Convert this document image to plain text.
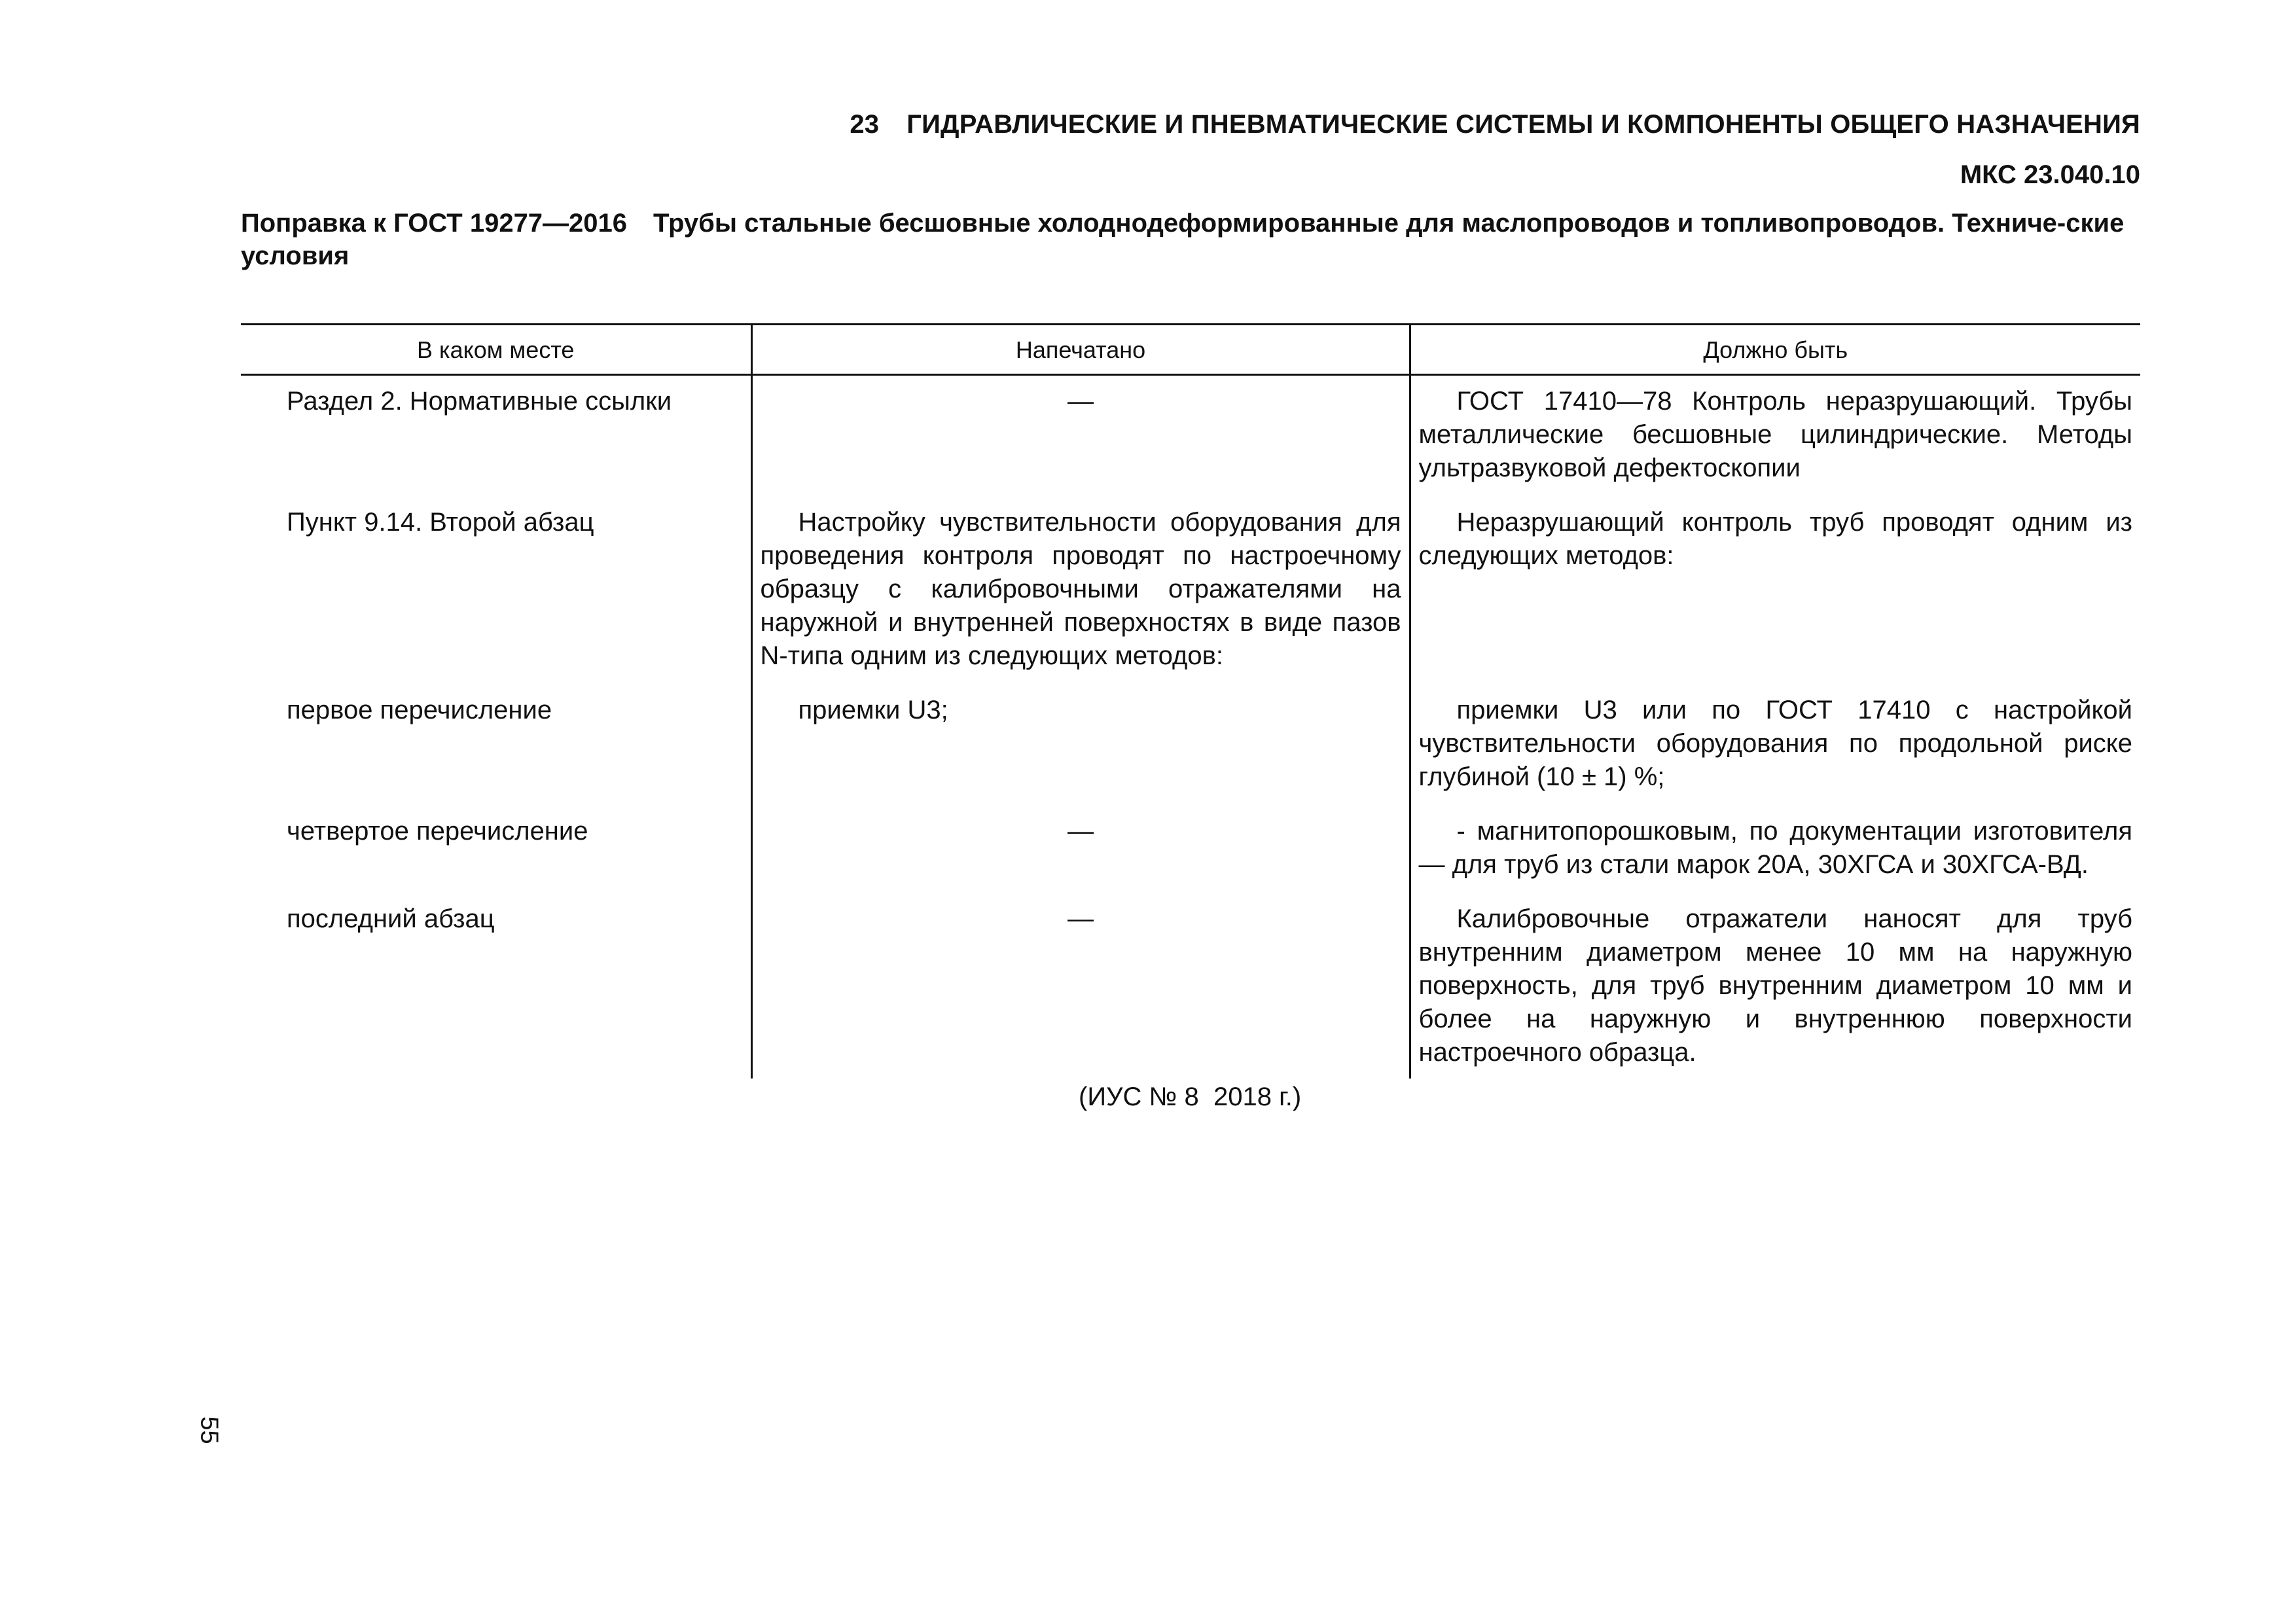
23 ГИДРАВЛИЧЕСКИЕ И ПНЕВМАТИЧЕСКИЕ СИСТЕМЫ И КОМПОНЕНТЫ ОБЩЕГО НАЗНАЧЕНИЯ
МКС 23.040.10
Поправка к ГОСТ 19277—2016 Трубы стальные бесшовные холоднодеформированные для маслопроводов и топливопроводов. Техниче-ские условия
В каком месте	Напечатано	Должно быть
Раздел 2. Нормативные ссылки	—	ГОСТ 17410—78 Контроль неразрушающий. Трубы металлические бесшовные цилиндрические. Методы ультразвуковой дефектоскопии
Пункт 9.14. Второй абзац	Настройку чувствительности оборудования для проведения контроля проводят по настроечному образцу с калибровочными отражателями на наружной и внутренней поверхностях в виде пазов N-типа одним из следующих методов:	Неразрушающий контроль труб проводят одним из следующих методов:
первое перечисление	приемки U3;	приемки U3 или по ГОСТ 17410 с настройкой чувствительности оборудования по продольной риске глубиной (10 ± 1) %;
четвертое перечисление	—	- магнитопорошковым, по документации изготовителя — для труб из стали марок 20А, 30ХГСА и 30ХГСА-ВД.
последний абзац	—	Калибровочные отражатели наносят для труб внутренним диаметром менее 10 мм на наружную поверхность, для труб внутренним диаметром 10 мм и более на наружную и внутреннюю поверхности настроечного образца.
(ИУС № 8  2018 г.)
55
